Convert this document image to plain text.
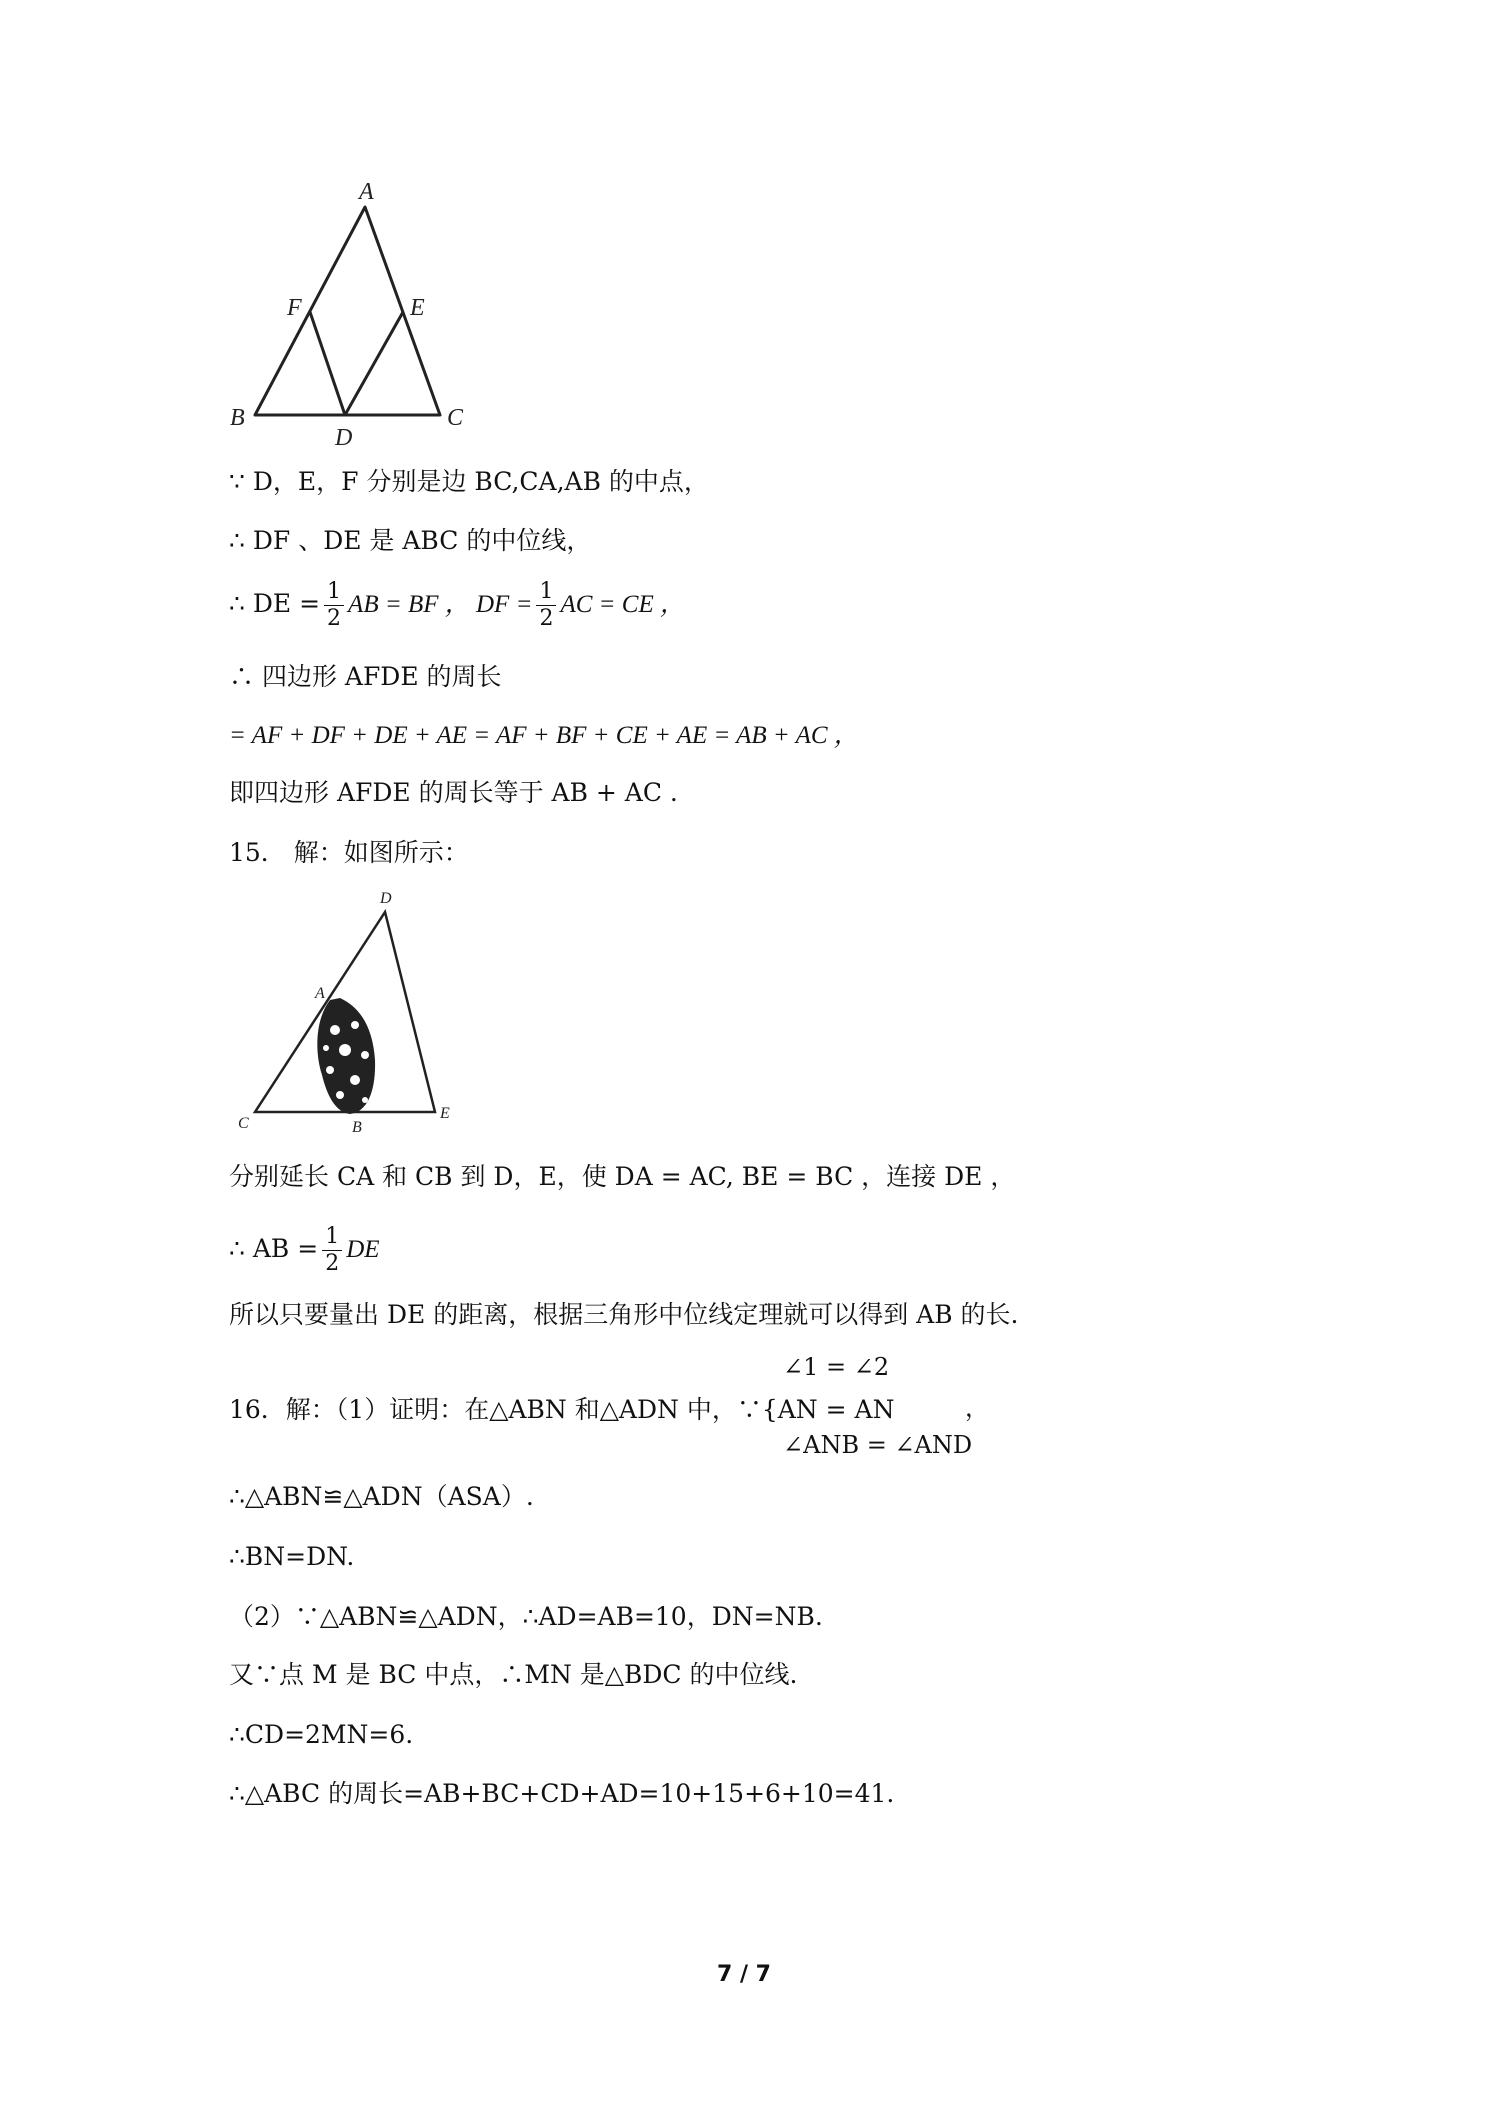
A
F	E
B
D
C
∵ D，E，F 分别是边 BC,CA,AB 的中点，
∴ DF 、DE 是 ABC 的中位线，
∴ DE = $\frac{1}{2}$ AB = BF ， DF = $\frac{1}{2}$ AC = CE ，
∴ 四边形 AFDE 的周长
= AF + DF + DE + AE = AF + BF + CE + AE = AB + AC ，
即四边形 AFDE 的周长等于 AB + AC .
15． 解：如图所示：
D
A
C	B
E
分别延长 CA 和 CB 到 D，E，使 DA = AC, BE = BC ，连接 DE ，
∴ AB = $\frac{1}{2}$ DE
所以只要量出 DE 的距离，根据三角形中位线定理就可以得到 AB 的长.
∠1 = ∠2
16．解：（1）证明：在△ABN 和△ADN 中，∵{AN = AN	，
∠ANB = ∠AND
∴△ABN≌△ADN（ASA）.
∴BN=DN.
（2）∵△ABN≌△ADN，∴AD=AB=10，DN=NB.
又∵点 M 是 BC 中点，∴MN 是△BDC 的中位线.
∴CD=2MN=6.
∴△ABC 的周长=AB+BC+CD+AD=10+15+6+10=41.
7 / 7
